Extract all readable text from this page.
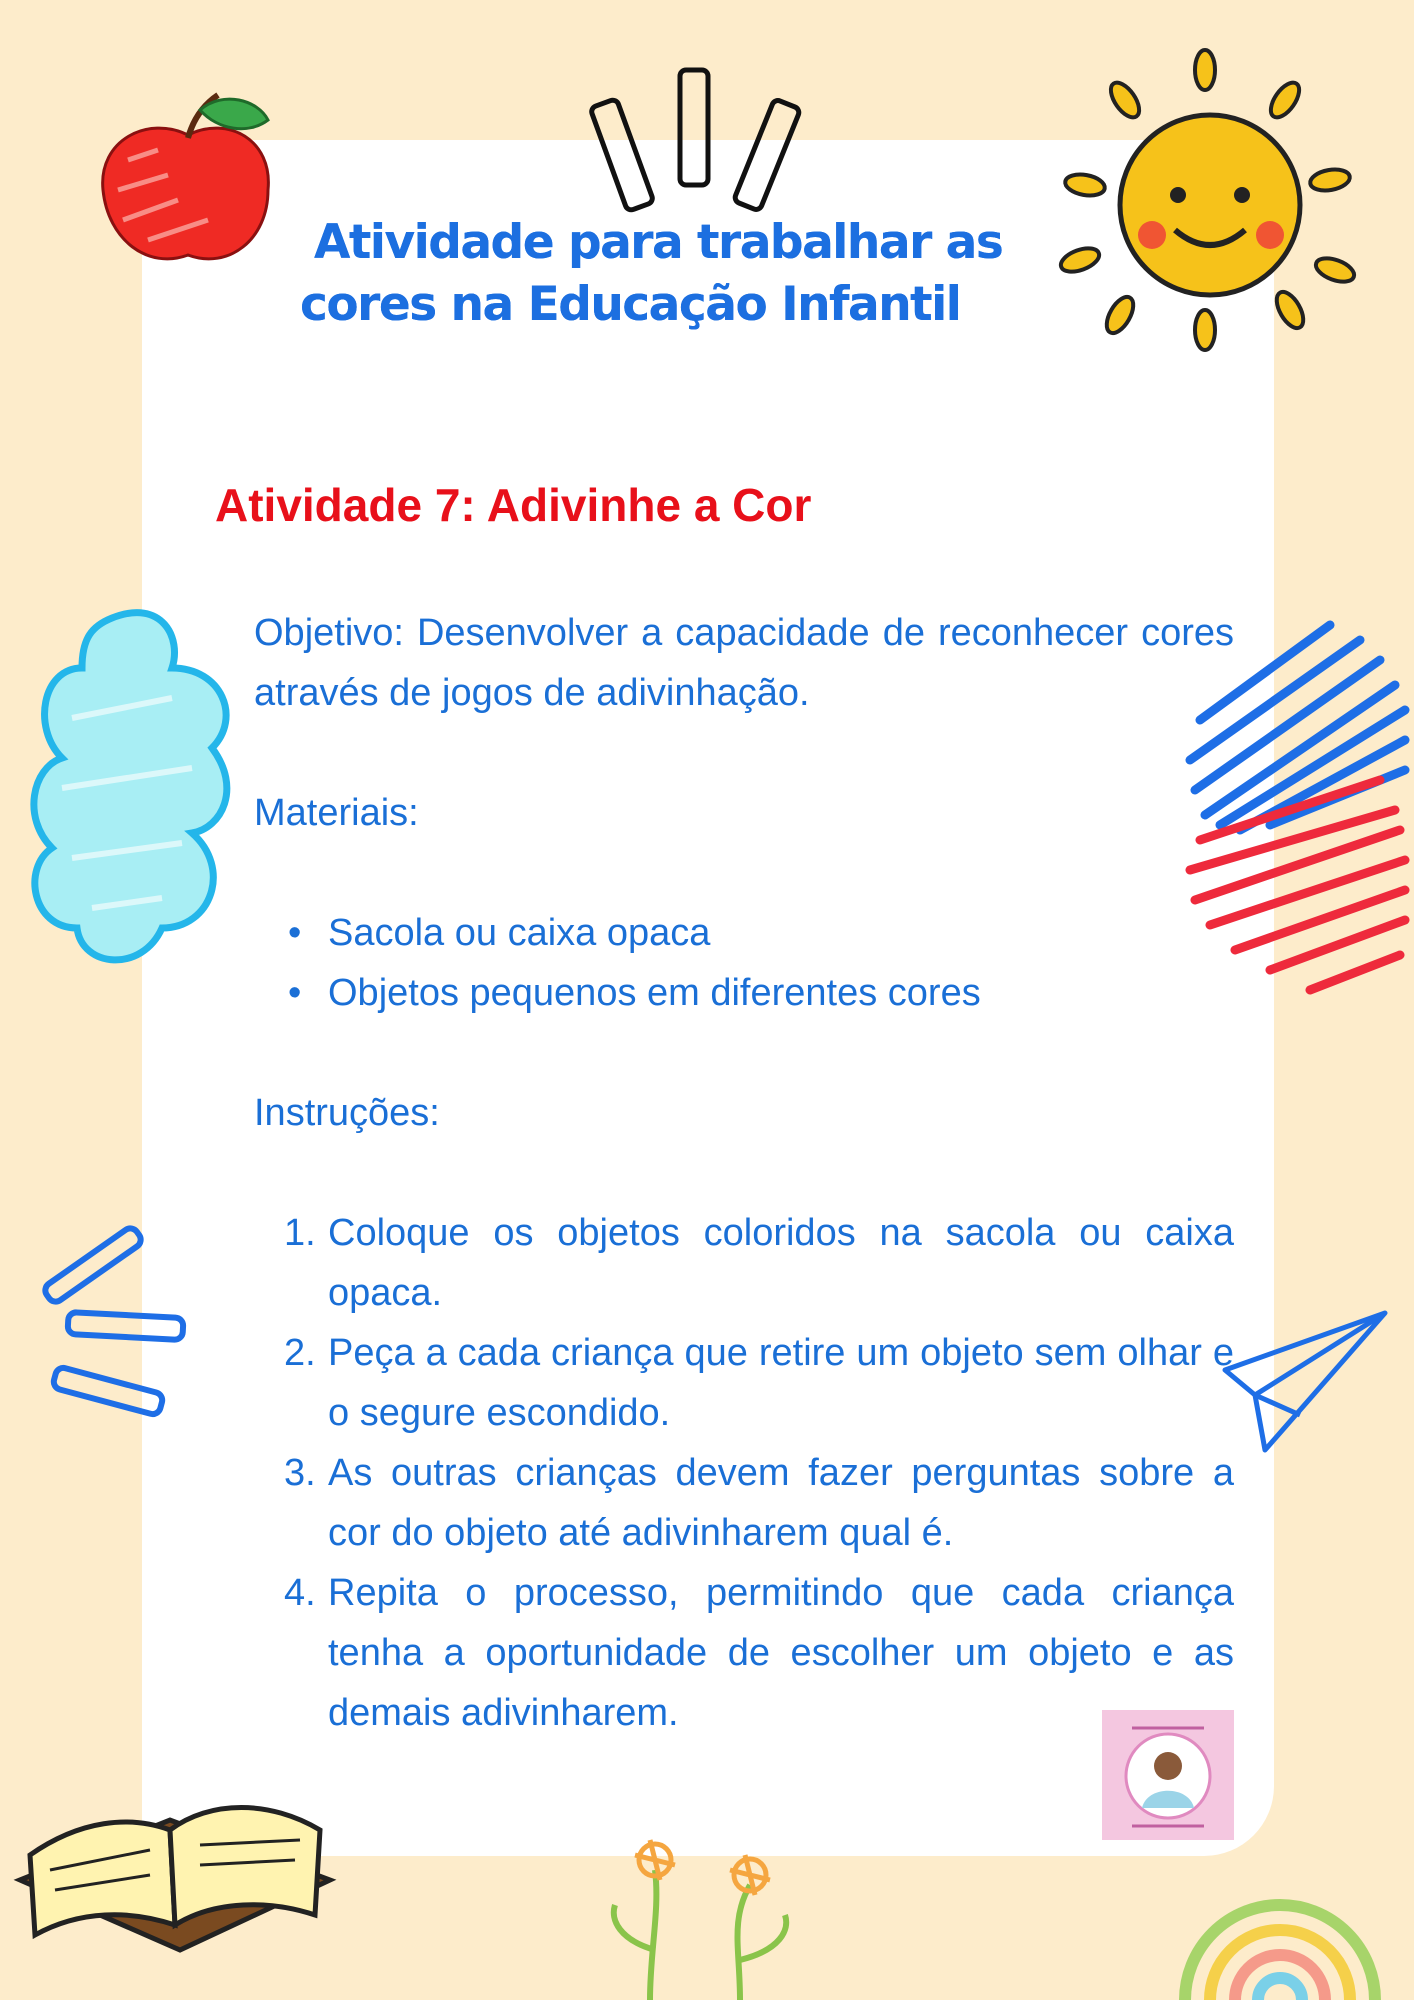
Atividade para trabalhar as
cores na Educação Infantil
Atividade 7: Adivinhe a Cor

Objetivo: Desenvolver a capacidade de reconhecer cores através de jogos de adivinhação.

Materiais:

• Sacola ou caixa opaca
• Objetos pequenos em diferentes cores

Instruções:

1. Coloque os objetos coloridos na sacola ou caixa opaca.
2. Peça a cada criança que retire um objeto sem olhar e o segure escondido.
3. As outras crianças devem fazer perguntas sobre a cor do objeto até adivinharem qual é.
4. Repita o processo, permitindo que cada criança tenha a oportunidade de escolher um objeto e as demais adivinharem.
